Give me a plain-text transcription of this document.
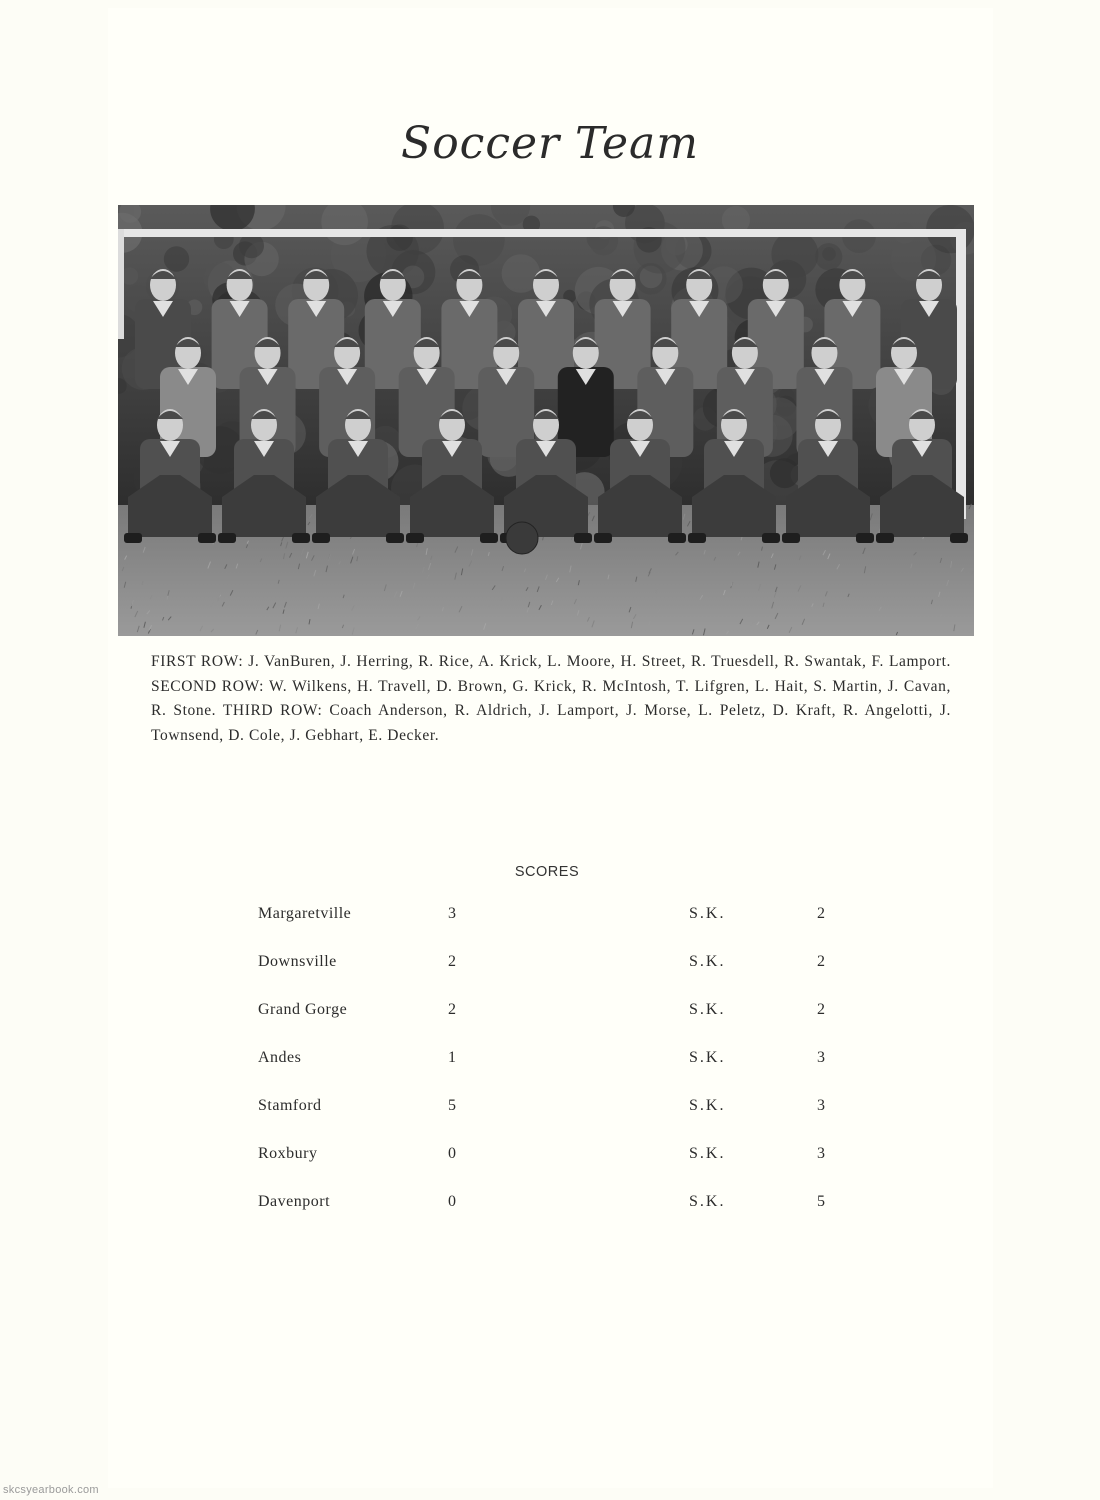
Soccer Team
FIRST ROW: J. VanBuren, J. Herring, R. Rice, A. Krick, L. Moore, H. Street, R. Truesdell, R. Swantak, F. Lamport. SECOND ROW: W. Wilkens, H. Travell, D. Brown, G. Krick, R. McIntosh, T. Lifgren, L. Hait, S. Martin, J. Cavan, R. Stone. THIRD ROW: Coach Anderson, R. Aldrich, J. Lamport, J. Morse, L. Peletz, D. Kraft, R. Angelotti, J. Townsend, D. Cole, J. Gebhart, E. Decker.
SCORES
Margaretville	3	S.K.	2
Downsville	2	S.K.	2
Grand Gorge	2	S.K.	2
Andes	1	S.K.	3
Stamford	5	S.K.	3
Roxbury	0	S.K.	3
Davenport	0	S.K.	5
skcsyearbook.com
